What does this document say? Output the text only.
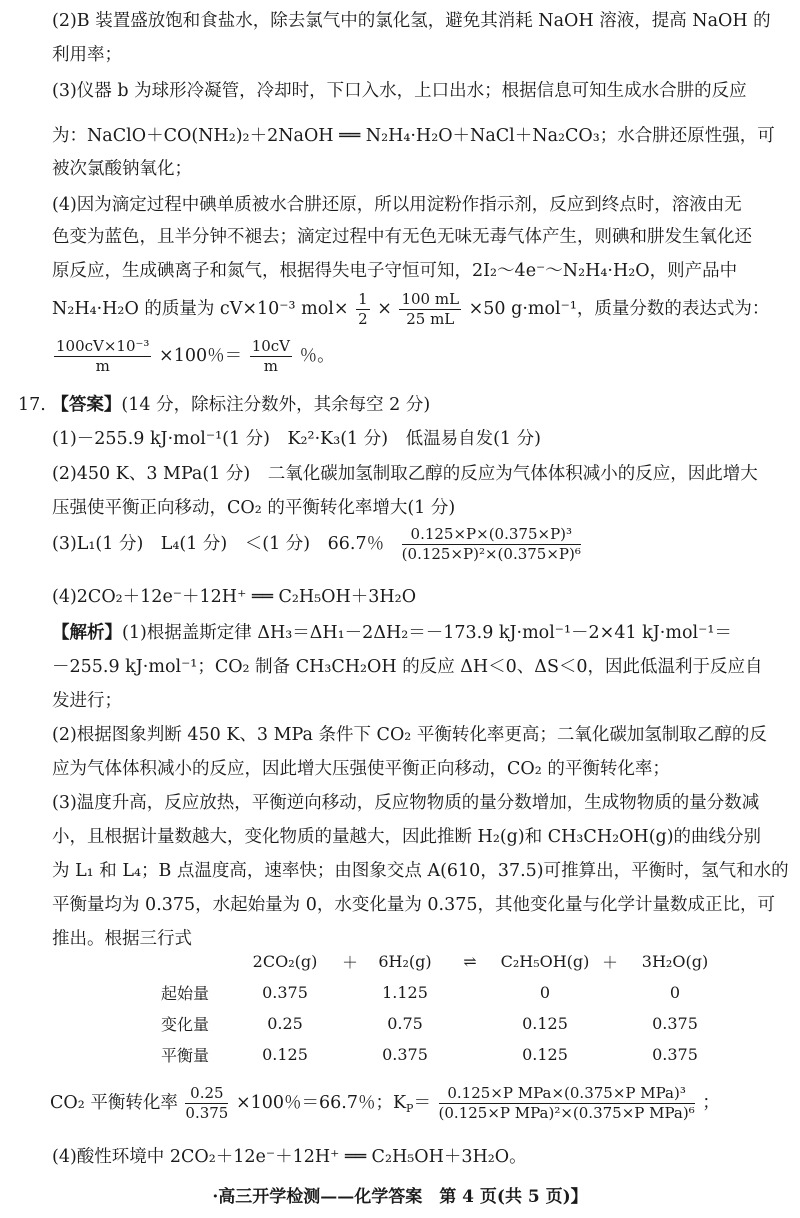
(2)B 装置盛放饱和食盐水，除去氯气中的氯化氢，避免其消耗 NaOH 溶液，提高 NaOH 的
利用率；
(3)仪器 b 为球形冷凝管，冷却时，下口入水，上口出水；根据信息可知生成水合肼的反应
为：NaClO＋CO(NH₂)₂＋2NaOH ══ N₂H₄·H₂O＋NaCl＋Na₂CO₃；水合肼还原性强，可
被次氯酸钠氧化；
(4)因为滴定过程中碘单质被水合肼还原，所以用淀粉作指示剂，反应到终点时，溶液由无
色变为蓝色，且半分钟不褪去；滴定过程中有无色无味无毒气体产生，则碘和肼发生氧化还
原反应，生成碘离子和氮气，根据得失电子守恒可知，2I₂～4e⁻～N₂H₄·H₂O，则产品中
N₂H₄·H₂O 的质量为 cV×10⁻³ $mol\times \frac{1}{2} \times \frac{100 mL}{25 mL} \times 50$ g·mol⁻¹，质量分数的表达式为：
$\frac{\text{100cV×10⁻³}}{m} \times 100$％＝ $\frac{10cV}{m}$ ％。
17. 【答案】(14 分，除标注分数外，其余每空 2 分)
(1)－255.9 kJ·mol⁻¹(1 分)　K₂²·K₃(1 分)　低温易自发(1 分)
(2)450 K、3 MPa(1 分)　二氧化碳加氢制取乙醇的反应为气体体积减小的反应，因此增大
压强使平衡正向移动，CO₂ 的平衡转化率增大(1 分)
(3)L₁(1 分)　L₄(1 分)　＜(1 分)　66.7％ $\frac{\text{0.125×P×(0.375×P)³}}{\text{(0.125×P)²×(0.375×P)⁶}}$
(4)2CO₂＋12e⁻＋12H⁺ ══ C₂H₅OH＋3H₂O
【解析】(1)根据盖斯定律 ΔH₃＝ΔH₁－2ΔH₂＝－173.9 kJ·mol⁻¹－2×41 kJ·mol⁻¹＝
－255.9 kJ·mol⁻¹；CO₂ 制备 CH₃CH₂OH 的反应 ΔH＜0、ΔS＜0，因此低温利于反应自
发进行；
(2)根据图象判断 450 K、3 MPa 条件下 CO₂ 平衡转化率更高；二氧化碳加氢制取乙醇的反
应为气体体积减小的反应，因此增大压强使平衡正向移动，CO₂ 的平衡转化率；
(3)温度升高，反应放热，平衡逆向移动，反应物物质的量分数增加，生成物物质的量分数减
小，且根据计量数越大，变化物质的量越大，因此推断 H₂(g)和 CH₃CH₂OH(g)的曲线分别
为 L₁ 和 L₄；B 点温度高，速率快；由图象交点 A(610，37.5)可推算出，平衡时，氢气和水的
平衡量均为 0.375，水起始量为 0，水变化量为 0.375，其他变化量与化学计量数成正比，可
推出。根据三行式
	2CO₂(g)	＋	6H₂(g)	⇌	C₂H₅OH(g)	＋	3H₂O(g)
起始量	0.375		1.125		0		0
变化量	0.25		0.75		0.125		0.375
平衡量	0.125		0.375		0.125		0.375
CO₂ 平衡转化率 $\frac{0.25}{0.375} \times 100$％＝66.7％；$K_P= \frac{\text{0.125×P MPa×(0.375×P MPa)³}}{\text{(0.125×P MPa)²×(0.375×P MPa)⁶}}$ ；
(4)酸性环境中 2CO₂＋12e⁻＋12H⁺ ══ C₂H₅OH＋3H₂O。
·高三开学检测——化学答案　第 4 页(共 5 页)】
